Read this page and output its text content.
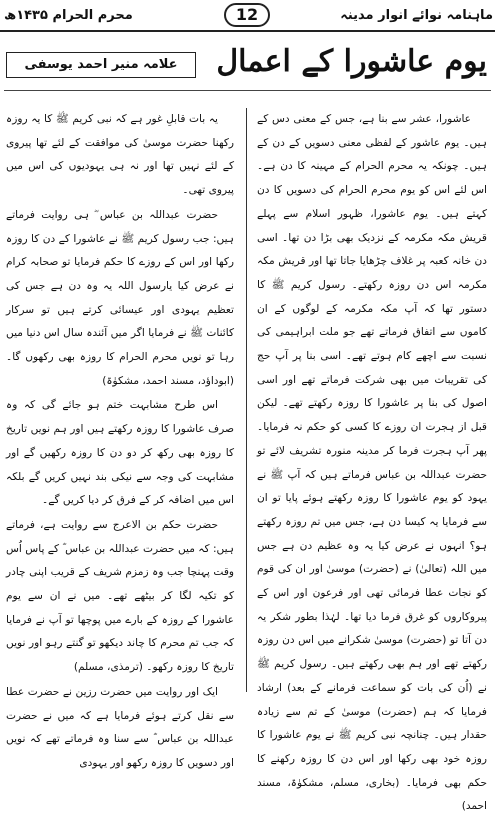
محرم الحرام ۱۴۳۵ھ	ماہنامہ نوائے انوار مدینہ
12
یوم عاشورا کے اعمال
علامہ منیر احمد یوسفی

عاشورا، عشر سے بنا ہے، جس کے معنی دس کے ہیں۔ یوم عاشور کے لفظی معنی دسویں کے دن کے ہیں۔ چونکہ یہ محرم الحرام کے مہینہ کا دن ہے۔ اس لئے اس کو یوم محرم الحرام کی دسویں کا دن کہتے ہیں۔ یوم عاشورا، ظہور اسلام سے پہلے قریش مکہ مکرمہ کے نزدیک بھی بڑا دن تھا۔ اسی دن خانہ کعبہ پر غلاف چڑھایا جاتا تھا اور قریش مکہ مکرمہ اس دن روزہ رکھتے۔ رسول کریم ﷺ کا دستور تھا کہ آپ مکہ مکرمہ کے لوگوں کے ان کاموں سے اتفاق فرماتے تھے جو ملت ابراہیمی کی نسبت سے اچھے کام ہوتے تھے۔ اسی بنا پر آپ حج کی تقریبات میں بھی شرکت فرماتے تھے اور اسی اصول کی بنا پر عاشورا کا روزہ رکھتے تھے۔ لیکن قبل از ہجرت ان روزے کا کسی کو حکم نہ فرمایا۔ پھر آپ ہجرت فرما کر مدینہ منورہ تشریف لائے تو حضرت عبداللہ بن عباس فرماتے ہیں کہ آپ ﷺ نے یہود کو یوم عاشورا کا روزہ رکھتے ہوئے پایا تو ان سے فرمایا یہ کیسا دن ہے، جس میں تم روزہ رکھتے ہو؟ انہوں نے عرض کیا یہ وہ عظیم دن ہے جس میں اللہ (تعالیٰ) نے (حضرت) موسیٰ اور ان کی قوم کو نجات عطا فرمائی تھی اور فرعون اور اس کے پیروکاروں کو غرق فرما دیا تھا۔ لہٰذا بطور شکر یہ دن آتا تو (حضرت) موسیٰ شکرانے میں اس دن روزہ رکھتے تھے اور ہم بھی رکھتے ہیں۔ رسول کریم ﷺ نے (اُن کی بات کو سماعت فرمانے کے بعد) ارشاد فرمایا کہ ہم (حضرت) موسیٰ کے تم سے زیادہ حقدار ہیں۔ چنانچہ نبی کریم ﷺ نے یوم عاشورا کا روزہ خود بھی رکھا اور اس دن کا روزہ رکھنے کا حکم بھی فرمایا۔ (بخاری، مسلم، مشکوٰۃ، مسند احمد)

یہ بات قابلِ غور ہے کہ نبی کریم ﷺ کا یہ روزہ رکھنا حضرت موسیٰ کی موافقت کے لئے تھا پیروی کے لئے نہیں تھا اور نہ ہی یہودیوں کی اس میں پیروی تھی۔

حضرت عبداللہ بن عباس ؓ ہی روایت فرماتے ہیں: جب رسول کریم ﷺ نے عاشورا کے دن کا روزہ رکھا اور اس کے روزے کا حکم فرمایا تو صحابہ کرام نے عرض کیا یارسول اللہ یہ وہ دن ہے جس کی تعظیم یہودی اور عیسائی کرتے ہیں تو سرکار کائنات ﷺ نے فرمایا اگر میں آئندہ سال اس دنیا میں رہا تو نویں محرم الحرام کا روزہ بھی رکھوں گا۔ (ابوداؤد، مسند احمد، مشکوٰۃ)

اس طرح مشابہت ختم ہو جائے گی کہ وہ صرف عاشورا کا روزہ رکھتے ہیں اور ہم نویں تاریخ کا روزہ بھی رکھ کر دو دن کا روزہ رکھیں گے اور مشابہت کی وجہ سے نیکی بند نہیں کریں گے بلکہ اس میں اضافہ کر کے فرق کر دیا کریں گے۔

حضرت حکم بن الاعرج سے روایت ہے، فرماتے ہیں: کہ میں حضرت عبداللہ بن عباس ؓ کے پاس اُس وقت پہنچا جب وہ زمزم شریف کے قریب اپنی چادر کو تکیہ لگا کر بیٹھے تھے۔ میں نے ان سے یوم عاشورا کے روزہ کے بارے میں پوچھا تو آپ نے فرمایا کہ جب تم محرم کا چاند دیکھو تو گنتے رہو اور نویں تاریخ کا روزہ رکھو۔ (ترمذی، مسلم)

ایک اور روایت میں حضرت رزین نے حضرت عطا سے نقل کرتے ہوئے فرمایا ہے کہ میں نے حضرت عبداللہ بن عباس ؓ سے سنا وہ فرماتے تھے کہ نویں اور دسویں کا روزہ رکھو اور یہودی
